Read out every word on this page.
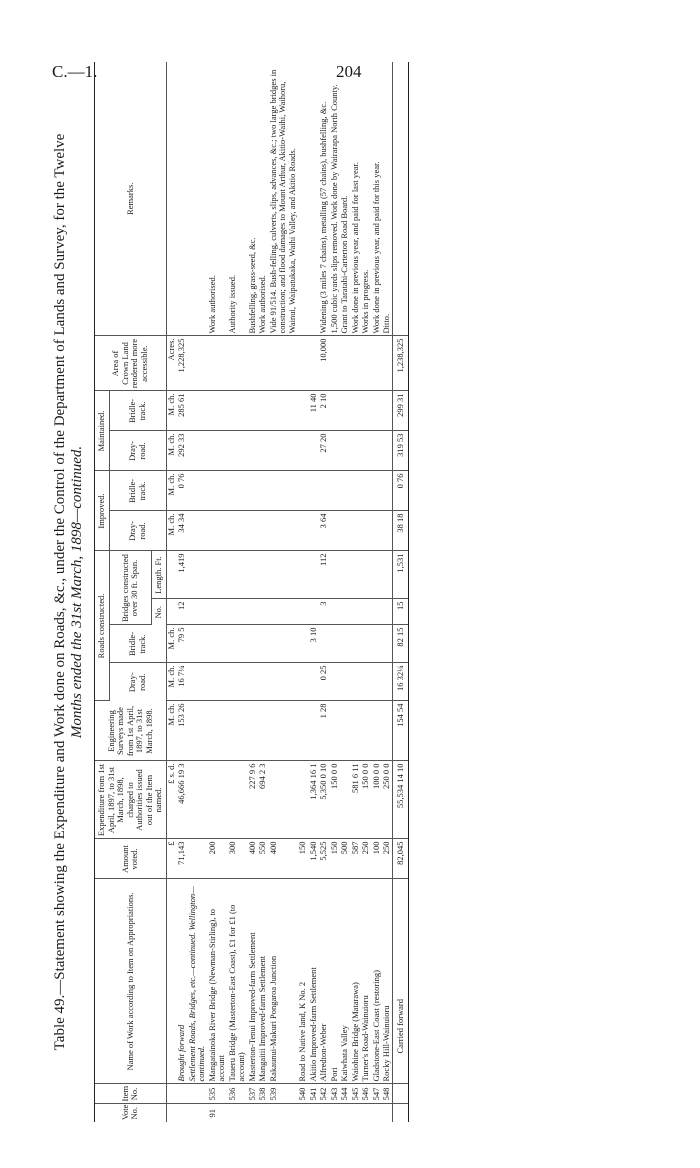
C.—1.	204
Table 49.—Statement showing the Expenditure and Work done on Roads, &c., under the Control of the Department of Lands and Survey, for the Twelve Months ended the 31st March, 1898—continued.
Vote No.	Item No.	Name of Work according to Item on Appropriations.	Amount voted.	Expenditure from 1st April, 1897, to 31st March, 1898, charged to Authorities issued out of the Item named.	Engineering Surveys made from 1st April, 1897, to 31st March, 1898.	Roads constructed.				Improved.		Maintained.		Area of Crown Land rendered more accessible.	Remarks.
						Dray-road.	Bridle-track.	Bridges constructed over 30 ft. Span.		Dray-road.	Bridle-track.	Dray-road.	Bridle-track.		
								No.	Length. Ft.						
			£	£ s. d.	M. ch.	M. ch.	M. ch.			M. ch.	M. ch.	M. ch.	M. ch.	Acres.	
		Brought forward	71,143	46,666 19 3	153 26	16 7¼	79 5	12	1,419	34 34	0 76	292 33	285 61	1,228,325	
		Settlement Roads, Bridges, etc.—continued. Wellington—continued.													
91	535	Mangatainoka River Bridge (Newman-Stirling), to account	200												Work authorised.
	536	Taueru Bridge (Masterton-East Coast), £1 for £1 (to account)	300												Authority issued.
	537	Masterton-Tenui Improved-farm Settlement	400	227 9 6											Bushfelling, grass-seed, &c.
	538	Mangaitii Improved-farm Settlement	550	694 2 3											Work authorised.
	539	Rakaunui-Makuri Pongaroa Junction	400												Vide 91/514. Bush-felling, culverts, slips, advances, &c.; two large bridges in construction; and flood damages to Mount Arthur, Akitio-Waihi, Waihoru, Wainui, Waipatukaka, Waihi Valley, and Akitio Roads.
	540	Road to Native land, K No. 2	150												
	541	Akitio Improved-farm Settlement	1,540	1,364 16 1			3 10						11 40		
	542	Alfredton-Weber	5,525	5,350 0 10	1 28	0 25		3	112	3 64		27 20	2 10	10,000	Widening (3 miles 7 chains), metalling (57 chains), bushfelling, &c.
	543	Pori	150	150 0 0											1,500 cubic yards slips removed. Work done by Wairarapa North County.
	544	Kaiwhata Valley	500												Grant to Taratahi-Carterton Road Board.
	545	Waiohine Bridge (Matarawa)	587	581 6 11											Work done in previous year, and paid for last year.
	546	Turner's Road-Wainuioru	250	150 0 0											Works in progress.
	547	Gladstone-East Coast (restoring)	100	100 0 0											Work done in previous year, and paid for this year.
	548	Rocky Hill-Wainuioru	250	250 0 0											Ditto.
		Carried forward	82,045	55,534 14 10	154 54	16 32¼	82 15	15	1,531	38 18	0 76	319 53	299 31	1,238,325	
